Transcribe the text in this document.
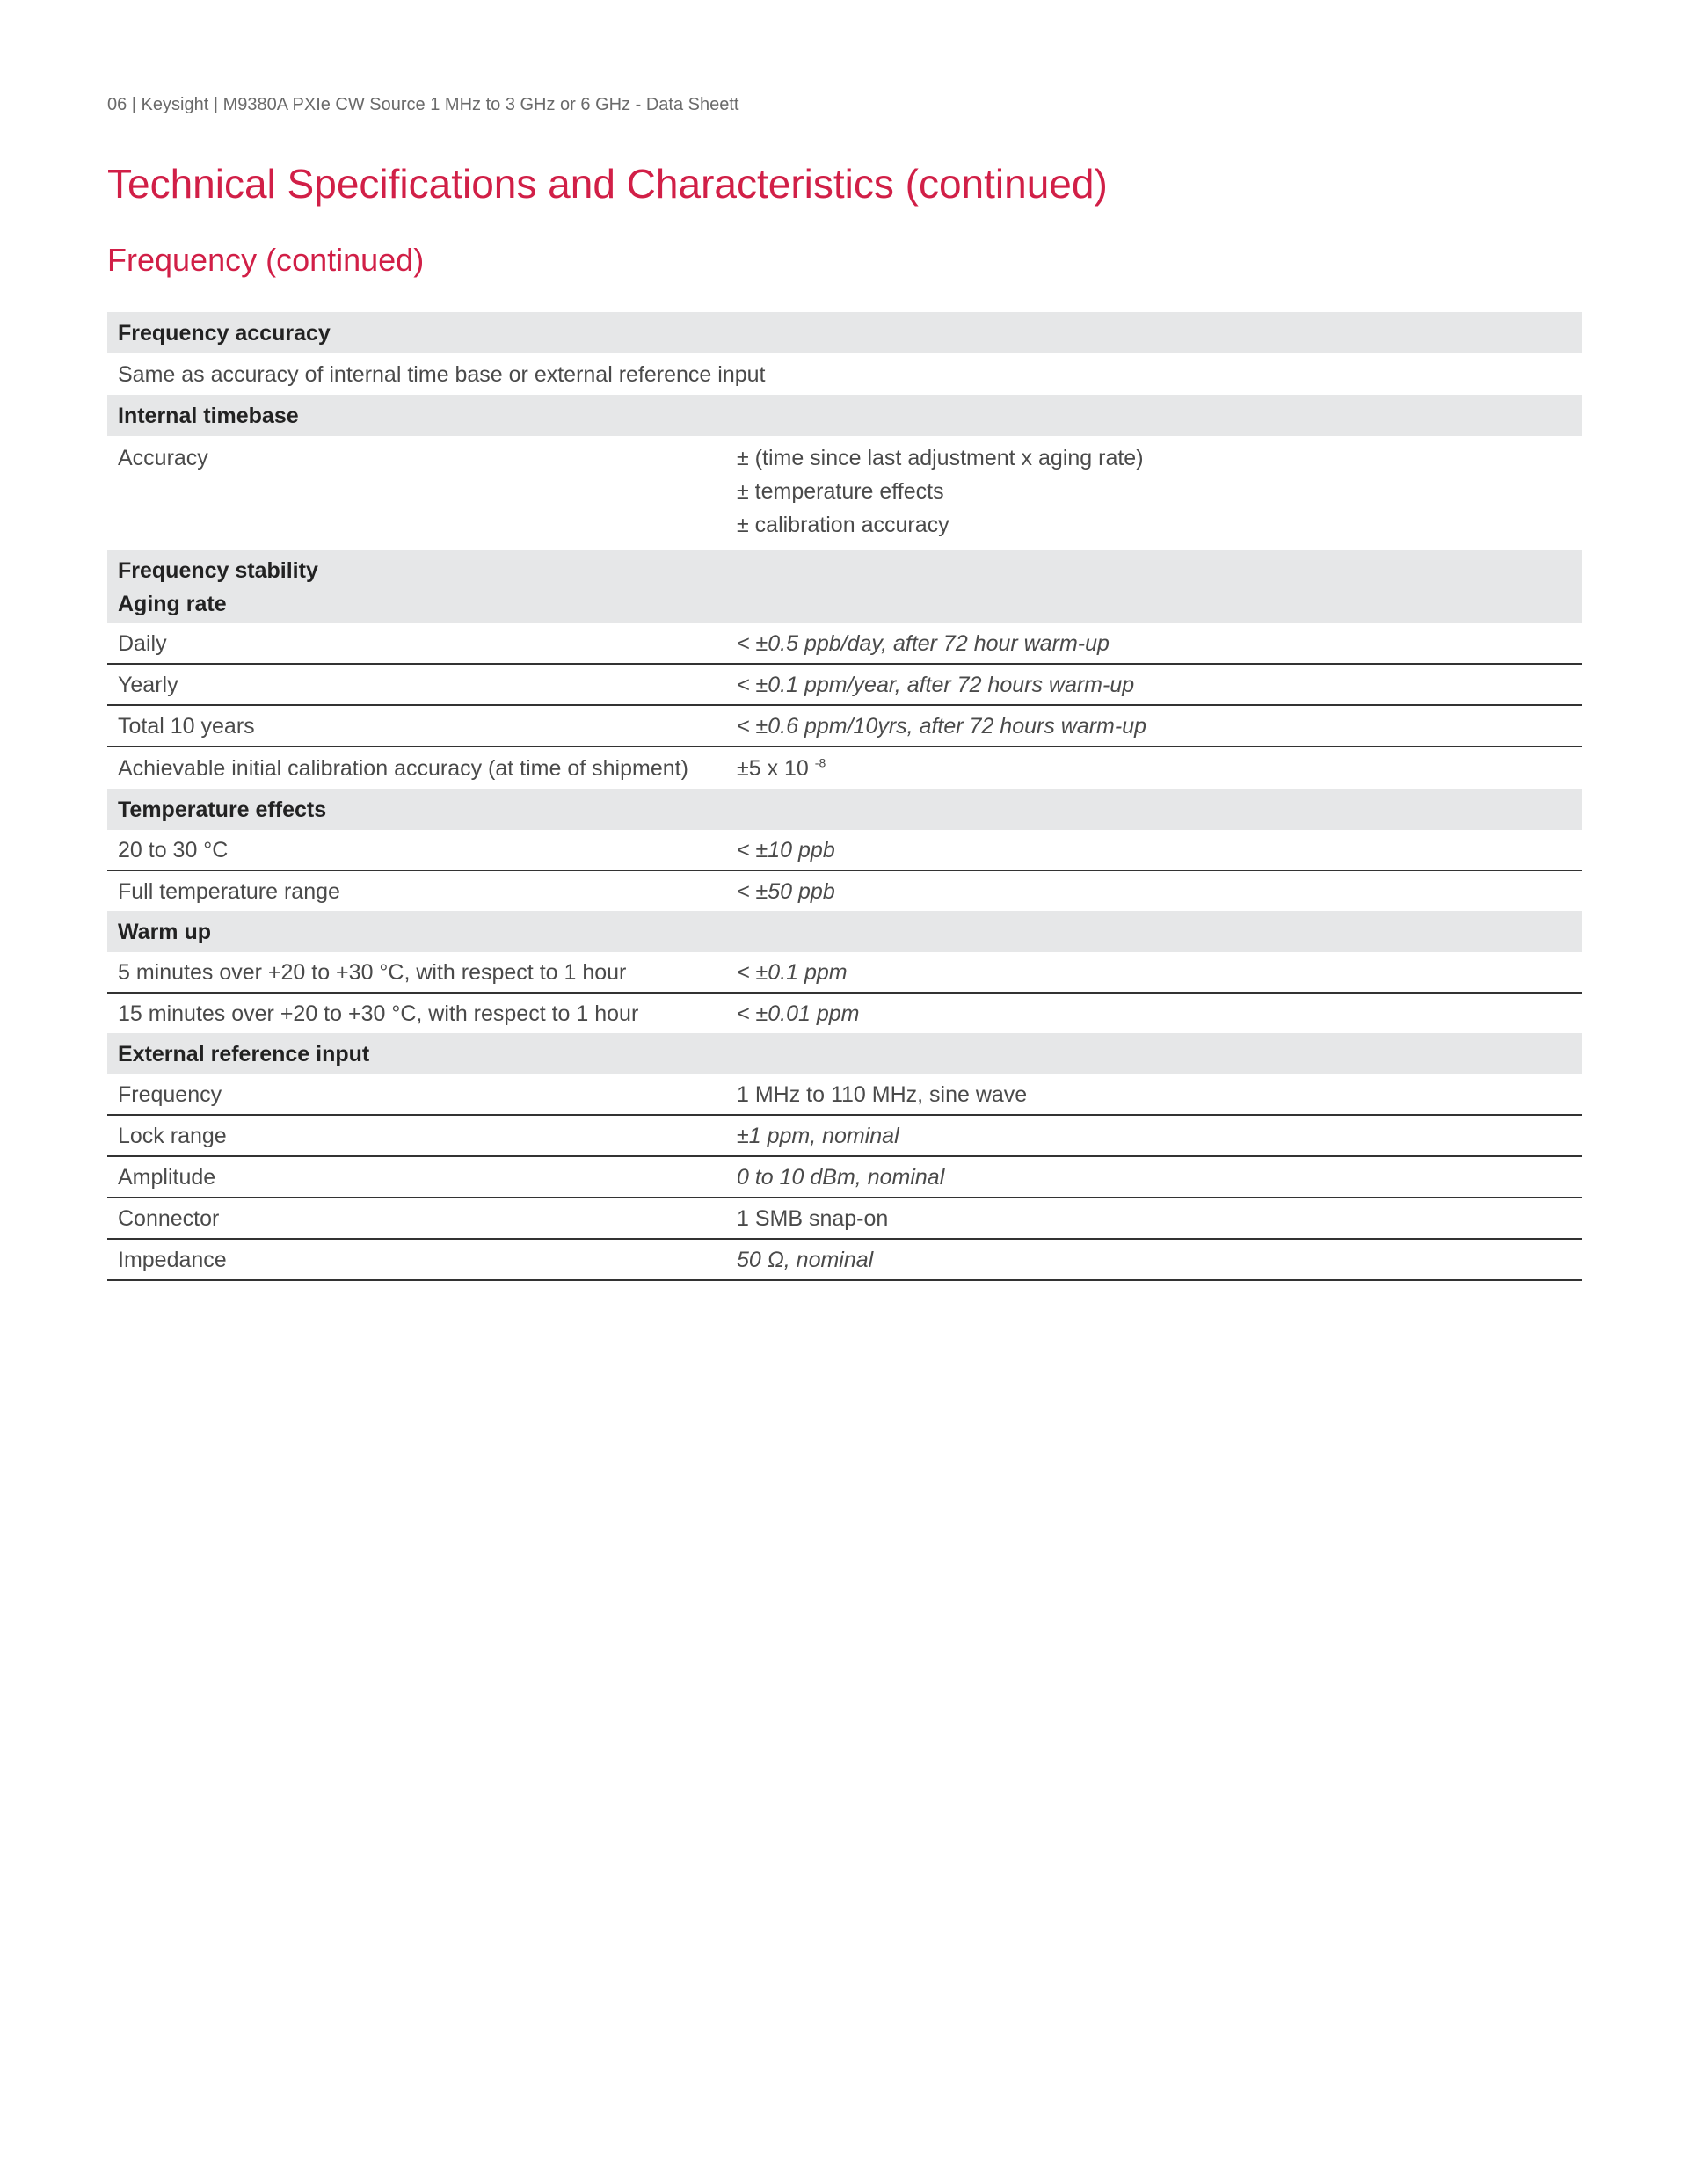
06 | Keysight | M9380A PXIe CW Source 1 MHz to 3 GHz or 6 GHz - Data Sheett
Technical Specifications and Characteristics (continued)
Frequency (continued)
Frequency accuracy	
Same as accuracy of internal time base or external reference input	
Internal timebase	
Accuracy	± (time since last adjustment x aging rate)
± temperature effects
± calibration accuracy

Frequency stability
Aging rate	

Daily	< ±0.5 ppb/day, after 72 hour warm-up
Yearly	< ±0.1 ppm/year, after 72 hours warm-up
Total 10 years	< ±0.6 ppm/10yrs, after 72 hours warm-up
Achievable initial calibration accuracy (at time of shipment)	±5 x 10 $^{-8}$
Temperature effects	
20 to 30 °C	< ±10 ppb
Full temperature range	< ±50 ppb
Warm up	
5 minutes over +20 to +30 °C, with respect to 1 hour	< ±0.1 ppm
15 minutes over +20 to +30 °C, with respect to 1 hour	< ±0.01 ppm
External reference input	
Frequency	1 MHz to 110 MHz, sine wave
Lock range	±1 ppm, nominal
Amplitude	0 to 10 dBm, nominal
Connector	1 SMB snap-on
Impedance	50 Ω, nominal
